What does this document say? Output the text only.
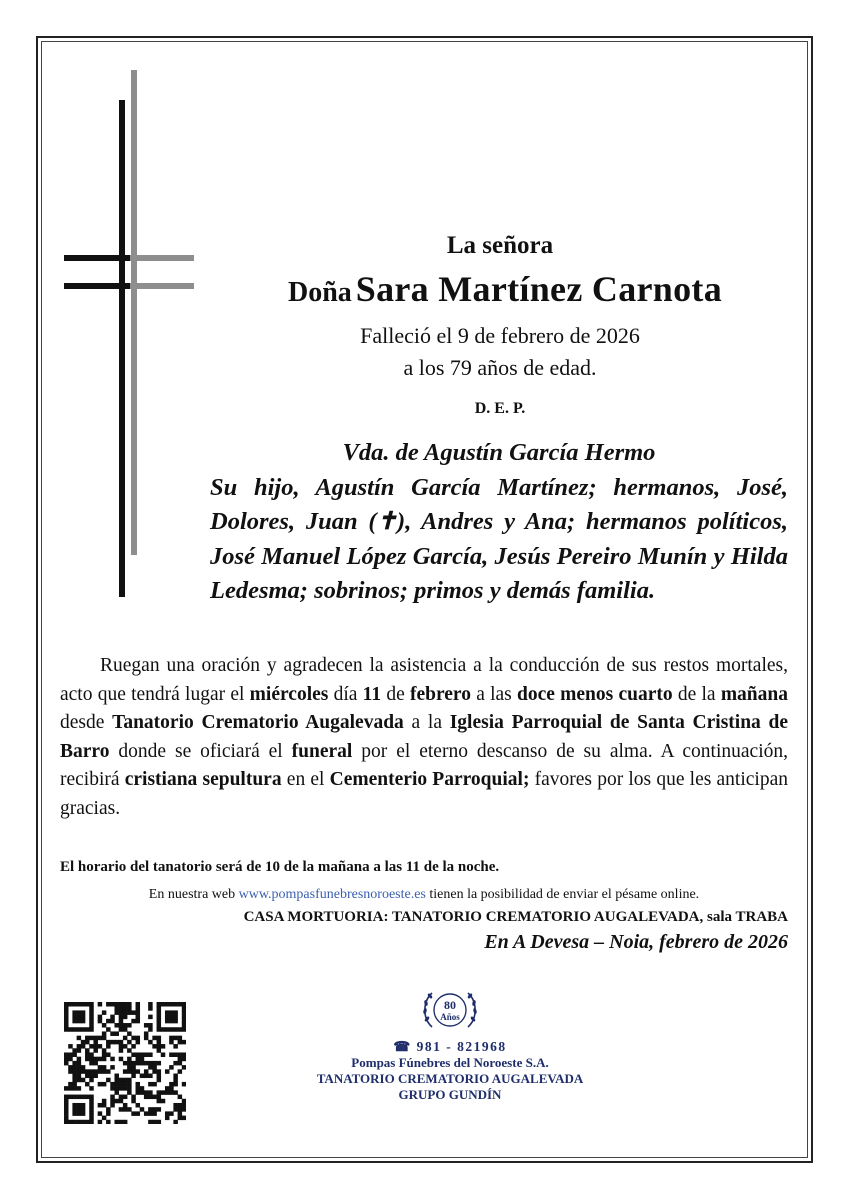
La señora
Doña Sara Martínez Carnota
Falleció el 9 de febrero de 2026
a los 79 años de edad.
D. E. P.
Vda. de Agustín García Hermo
Su hijo, Agustín García Martínez; hermanos, José, Dolores, Juan (✝), Andres y Ana; hermanos políticos, José Manuel López García, Jesús Pereiro Munín y Hilda Ledesma; sobrinos; primos y demás familia.
Ruegan una oración y agradecen la asistencia a la conducción de sus restos mortales, acto que tendrá lugar el miércoles día 11 de febrero a las doce menos cuarto de la mañana desde Tanatorio Crematorio Augalevada a la Iglesia Parroquial de Santa Cristina de Barro donde se oficiará el funeral por el eterno descanso de su alma. A continuación, recibirá cristiana sepultura en el Cementerio Parroquial; favores por los que les anticipan gracias.
El horario del tanatorio será de 10 de la mañana a las 11 de la noche.
En nuestra web www.pompasfunebresnoroeste.es tienen la posibilidad de enviar el pésame online.
CASA MORTUORIA: TANATORIO CREMATORIO AUGALEVADA, sala TRABA
En A Devesa – Noia, febrero de 2026
80
Años
☎ 981 - 821968
Pompas Fúnebres del Noroeste S.A.
TANATORIO CREMATORIO AUGALEVADA
GRUPO GUNDÍN
